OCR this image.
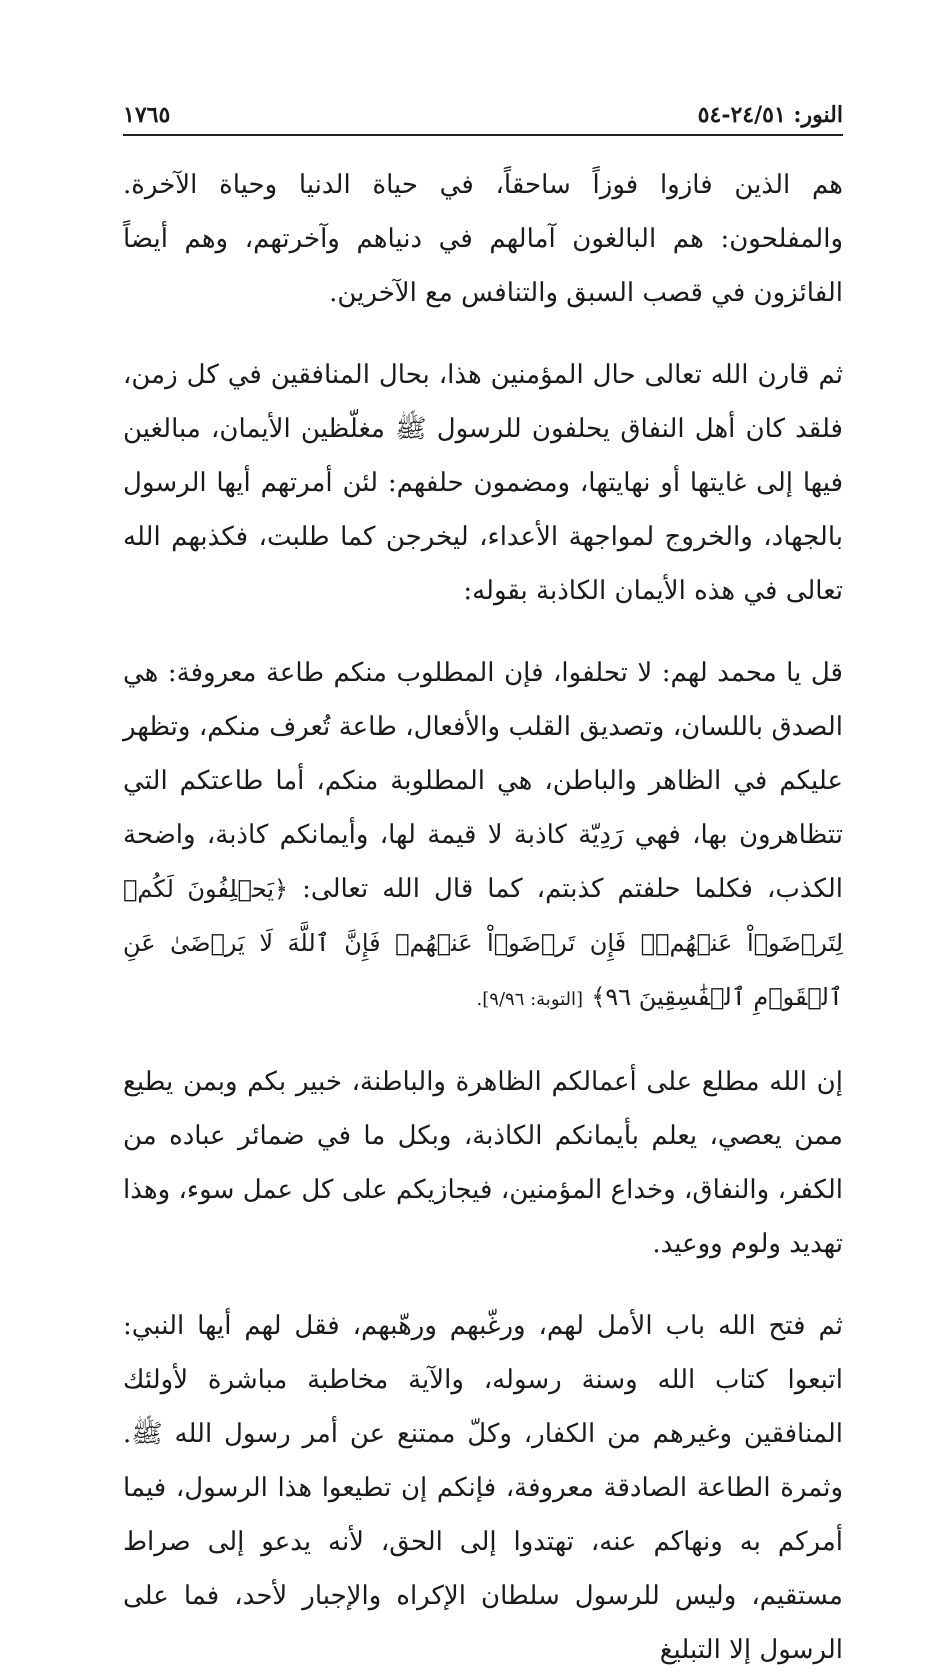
النور: ٢٤/٥١-٥٤
١٧٦٥

هم الذين فازوا فوزاً ساحقاً، في حياة الدنيا وحياة الآخرة. والمفلحون: هم البالغون آمالهم في دنياهم وآخرتهم، وهم أيضاً الفائزون في قصب السبق والتنافس مع الآخرين.

ثم قارن الله تعالى حال المؤمنين هذا، بحال المنافقين في كل زمن، فلقد كان أهل النفاق يحلفون للرسول ﷺ مغلّظين الأيمان، مبالغين فيها إلى غايتها أو نهايتها، ومضمون حلفهم: لئن أمرتهم أيها الرسول بالجهاد، والخروج لمواجهة الأعداء، ليخرجن كما طلبت، فكذبهم الله تعالى في هذه الأيمان الكاذبة بقوله:

قل يا محمد لهم: لا تحلفوا، فإن المطلوب منكم طاعة معروفة: هي الصدق باللسان، وتصديق القلب والأفعال، طاعة تُعرف منكم، وتظهر عليكم في الظاهر والباطن، هي المطلوبة منكم، أما طاعتكم التي تتظاهرون بها، فهي رَدِيّة كاذبة لا قيمة لها، وأيمانكم كاذبة، واضحة الكذب، فكلما حلفتم كذبتم، كما قال الله تعالى: ﴿يَحۡلِفُونَ لَكُمۡ لِتَرۡضَوۡاْ عَنۡهُمۡۖ فَإِن تَرۡضَوۡاْ عَنۡهُمۡ فَإِنَّ ٱللَّهَ لَا يَرۡضَىٰ عَنِ ٱلۡقَوۡمِ ٱلۡفَٰسِقِينَ ٩٦﴾ [التوبة: ٩/٩٦].

إن الله مطلع على أعمالكم الظاهرة والباطنة، خبير بكم وبمن يطيع ممن يعصي، يعلم بأيمانكم الكاذبة، وبكل ما في ضمائر عباده من الكفر، والنفاق، وخداع المؤمنين، فيجازيكم على كل عمل سوء، وهذا تهديد ولوم ووعيد.

ثم فتح الله باب الأمل لهم، ورغّبهم ورهّبهم، فقل لهم أيها النبي: اتبعوا كتاب الله وسنة رسوله، والآية مخاطبة مباشرة لأولئك المنافقين وغيرهم من الكفار، وكلّ ممتنع عن أمر رسول الله ﷺ. وثمرة الطاعة الصادقة معروفة، فإنكم إن تطيعوا هذا الرسول، فيما أمركم به ونهاكم عنه، تهتدوا إلى الحق، لأنه يدعو إلى صراط مستقيم، وليس للرسول سلطان الإكراه والإجبار لأحد، فما على الرسول إلا التبليغ
